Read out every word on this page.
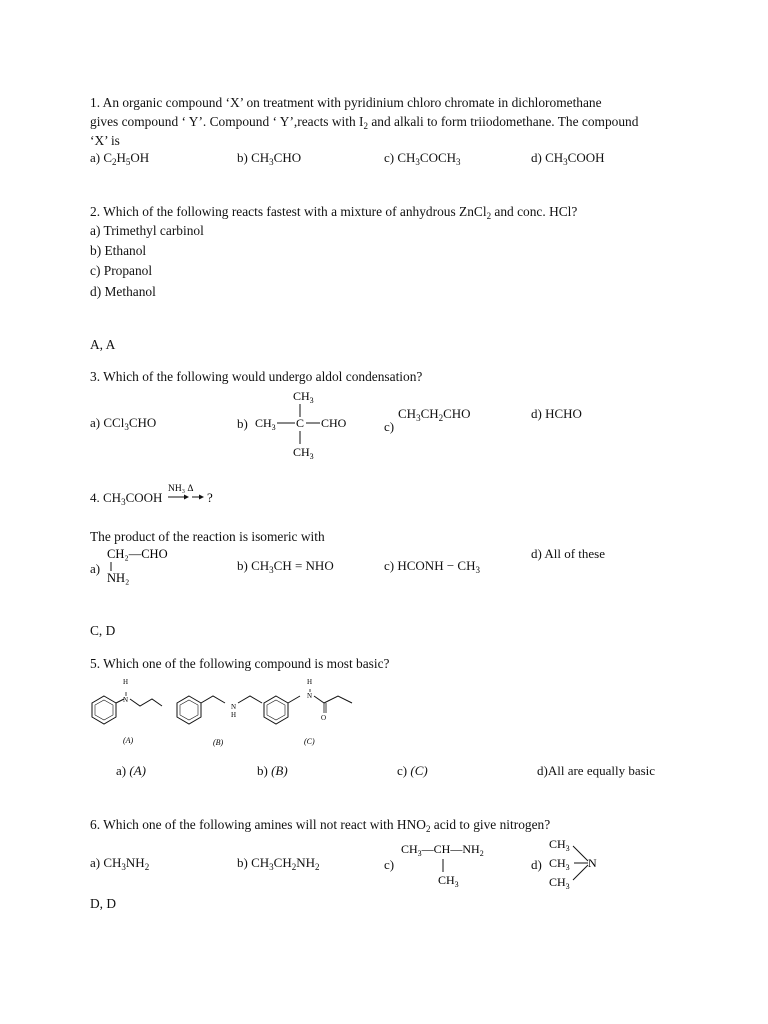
1. An organic compound ‘X’ on treatment with pyridinium chloro chromate in dichloromethane
gives compound ‘ Y’. Compound ‘ Y’,reacts with $I_2$ and alkali to form triiodomethane. The compound
‘X’ is
a) $C_2H_5OH$	b) $CH_3CHO$	c) $CH_3COCH_3$	d) $CH_3COOH$
2. Which of the following reacts fastest with a mixture of anhydrous ZnCl$_2$ and conc. HCl?
a) Trimethyl carbinol
b) Ethanol
c) Propanol
d) Methanol
A, A
3. Which of the following would undergo aldol condensation?
a) CCl$_3$CHO	b)
$CH_3$
$CH_3$ C CHO
$CH_3$
c)
$CH_3CH_2CHO$	d) HCHO
4. $CH_3COOH$
NH₃ Δ
?
The product of the reaction is isomeric with
a)
CH₂—CHO
NH₂
b) $CH_3CH$ = NHO	c) HCONH − $CH_3$
d) All of these
C, D
5. Which one of the following compound is most basic?
N
H
N
H
N
H
O
(A)	(B)	(C)
a) (A)	b) (B)	c) (C)	d)All are equally basic
6. Which one of the following amines will not react with $HNO_2$ acid to give nitrogen?
a) $CH_3NH_2$	b) $CH_3CH_2NH_2$	c)
$CH_3—CH—NH_2$
$CH_3$
d)
$CH_3$
$CH_3$
$CH_3$
N
D, D
